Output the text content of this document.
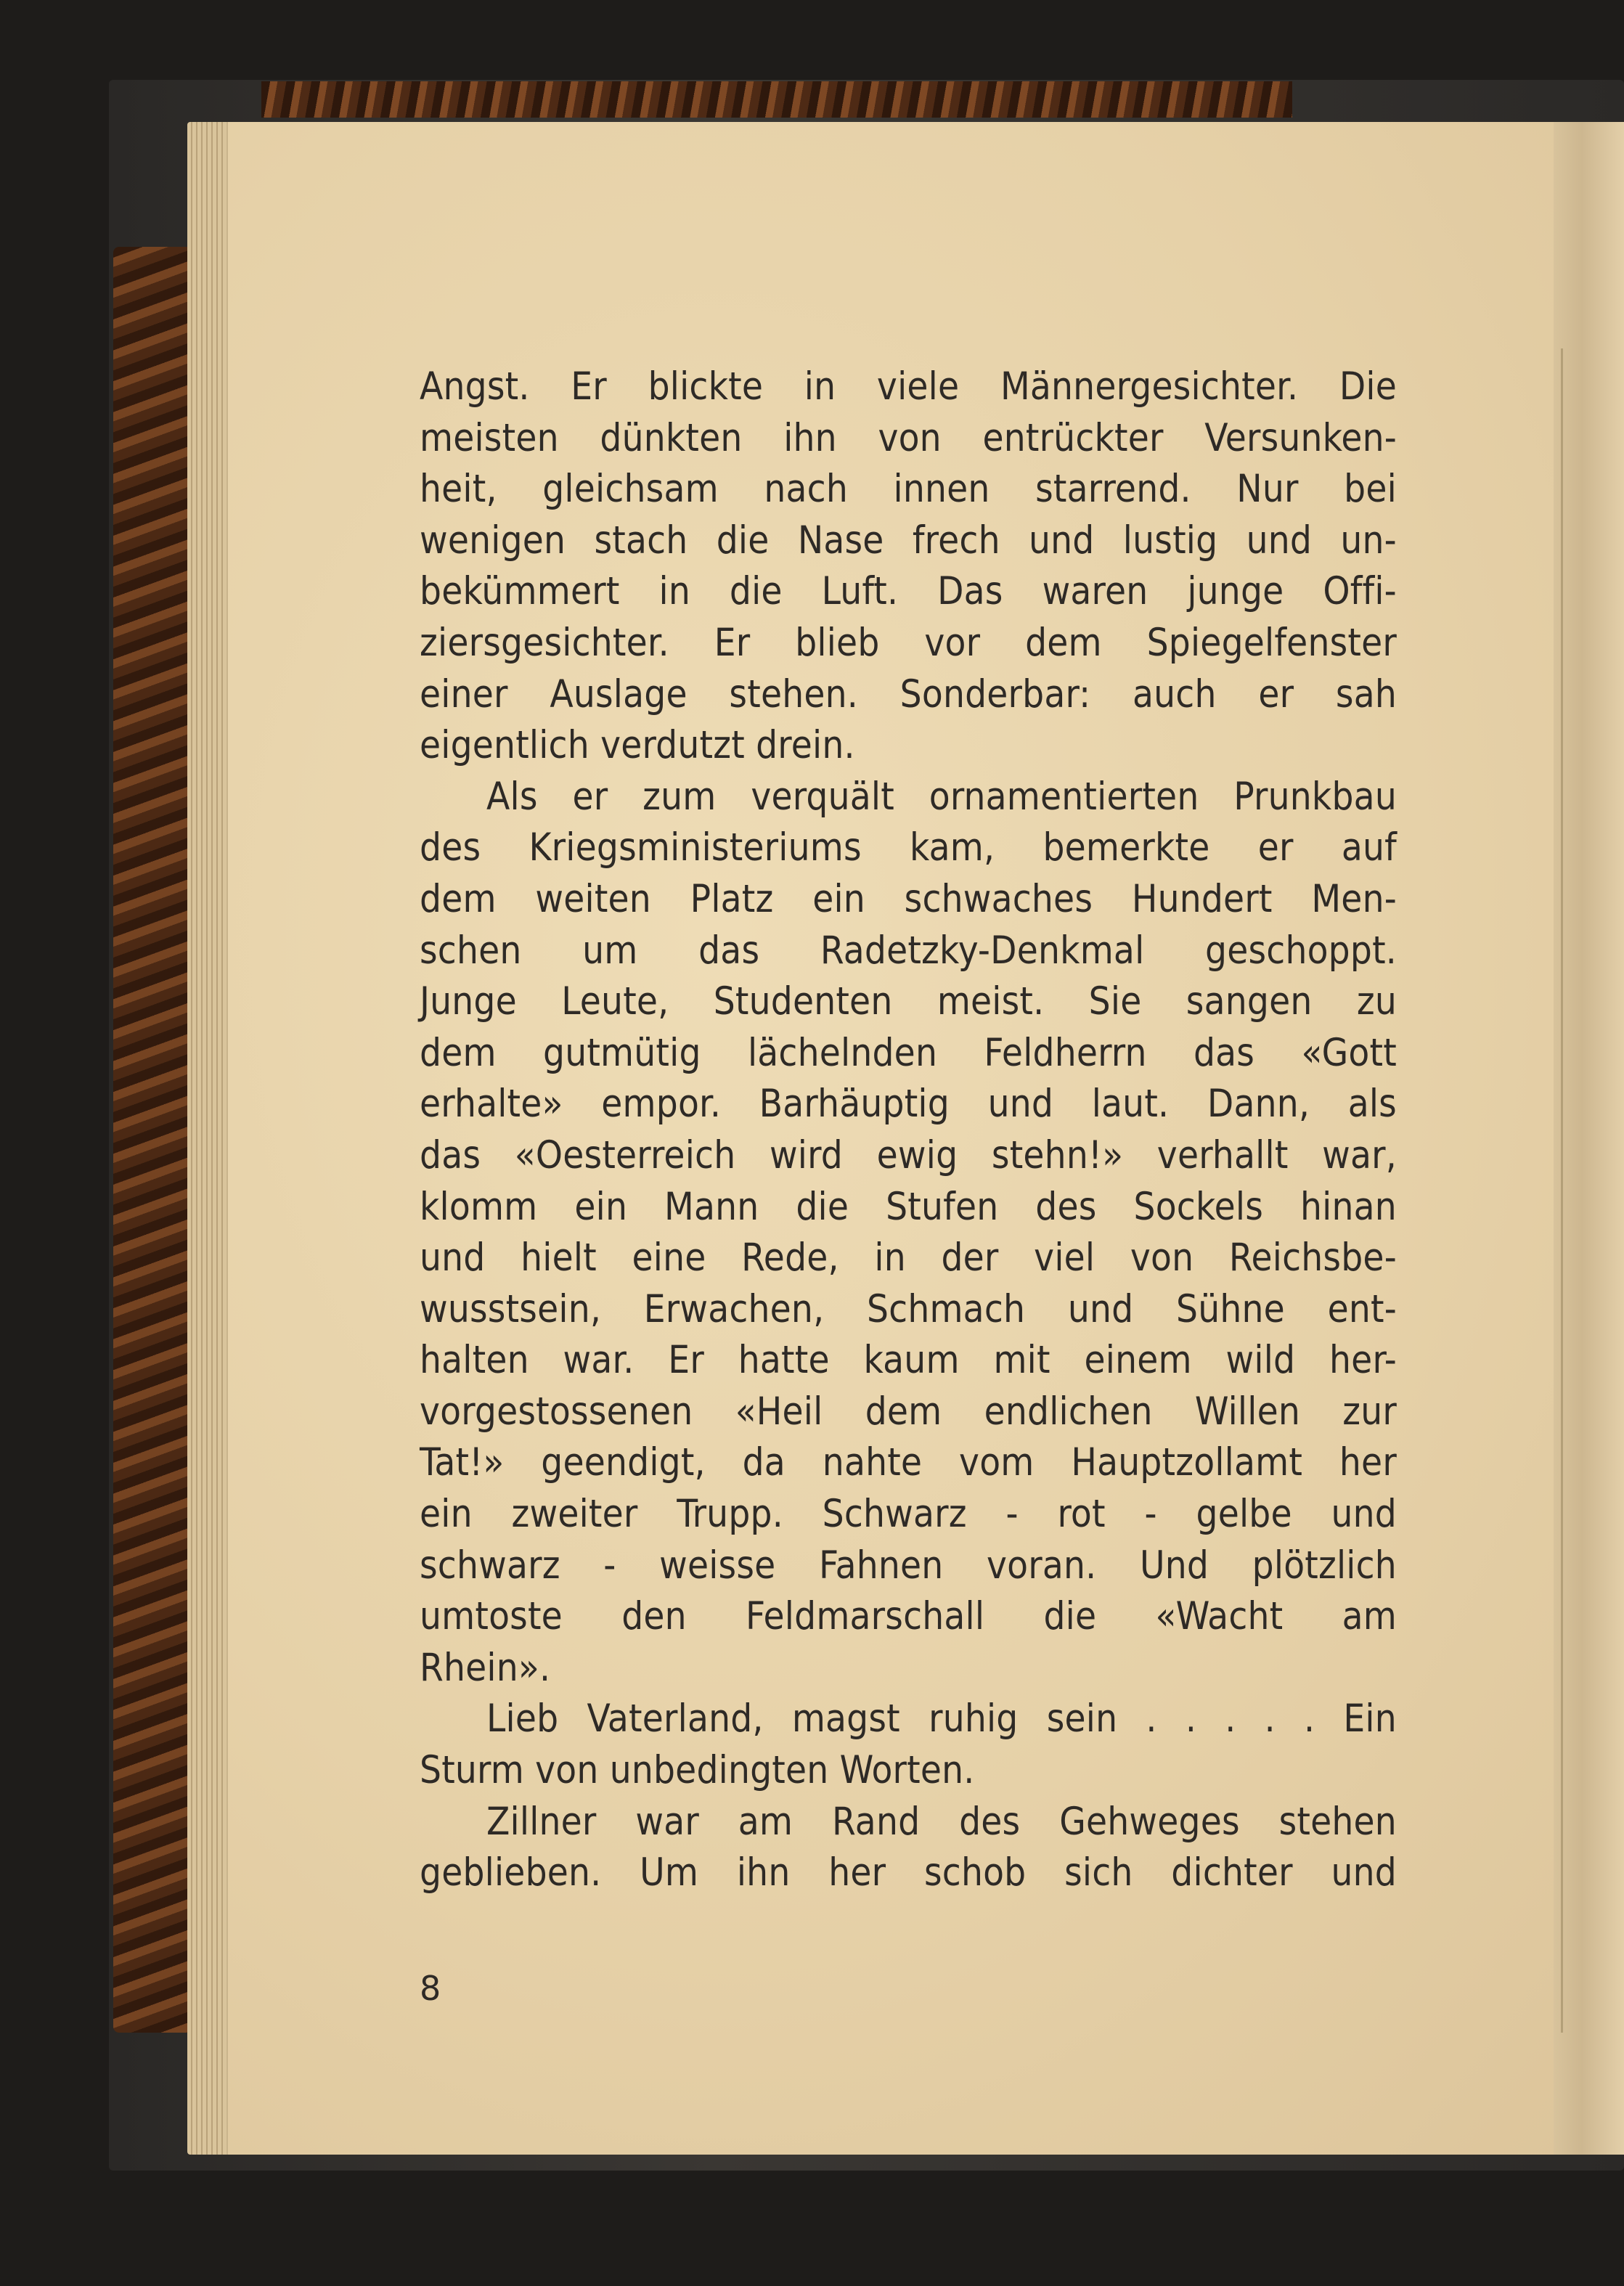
Angst. Er blickte in viele Männergesichter. Die
meisten dünkten ihn von entrückter Versunken-
heit, gleichsam nach innen starrend. Nur bei
wenigen stach die Nase frech und lustig und un-
bekümmert in die Luft. Das waren junge Offi-
ziersgesichter. Er blieb vor dem Spiegelfenster
einer Auslage stehen. Sonderbar: auch er sah
eigentlich verdutzt drein.
Als er zum verquält ornamentierten Prunkbau
des Kriegsministeriums kam, bemerkte er auf
dem weiten Platz ein schwaches Hundert Men-
schen um das Radetzky-Denkmal geschoppt.
Junge Leute, Studenten meist. Sie sangen zu
dem gutmütig lächelnden Feldherrn das «Gott
erhalte» empor. Barhäuptig und laut. Dann, als
das «Oesterreich wird ewig stehn!» verhallt war,
klomm ein Mann die Stufen des Sockels hinan
und hielt eine Rede, in der viel von Reichsbe-
wusstsein, Erwachen, Schmach und Sühne ent-
halten war. Er hatte kaum mit einem wild her-
vorgestossenen «Heil dem endlichen Willen zur
Tat!» geendigt, da nahte vom Hauptzollamt her
ein zweiter Trupp. Schwarz - rot - gelbe und
schwarz - weisse Fahnen voran. Und plötzlich
umtoste den Feldmarschall die «Wacht am
Rhein».
Lieb Vaterland, magst ruhig sein . . . . . Ein
Sturm von unbedingten Worten.
Zillner war am Rand des Gehweges stehen
geblieben. Um ihn her schob sich dichter und
8
